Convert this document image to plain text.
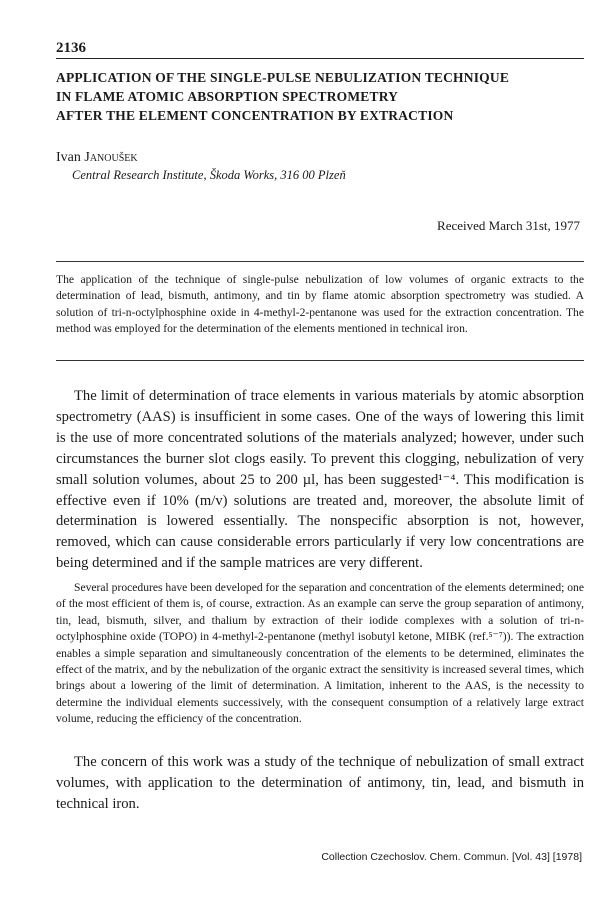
2136
APPLICATION OF THE SINGLE-PULSE NEBULIZATION TECHNIQUE
IN FLAME ATOMIC ABSORPTION SPECTROMETRY
AFTER THE ELEMENT CONCENTRATION BY EXTRACTION
Ivan Janoušek
Central Research Institute, Škoda Works, 316 00 Plzeň
Received March 31st, 1977
The application of the technique of single-pulse nebulization of low volumes of organic extracts to the determination of lead, bismuth, antimony, and tin by flame atomic absorption spectrometry was studied. A solution of tri-n-octylphosphine oxide in 4-methyl-2-pentanone was used for the extraction concentration. The method was employed for the determination of the elements mentioned in technical iron.

The limit of determination of trace elements in various materials by atomic absorption spectrometry (AAS) is insufficient in some cases. One of the ways of lowering this limit is the use of more concentrated solutions of the materials analyzed; however, under such circumstances the burner slot clogs easily. To prevent this clogging, nebulization of very small solution volumes, about 25 to 200 µl, has been suggested¹⁻⁴. This modification is effective even if 10% (m/v) solutions are treated and, moreover, the absolute limit of determination is lowered essentially. The nonspecific absorption is not, however, removed, which can cause considerable errors particularly if very low concentrations are being determined and if the sample matrices are very different.

Several procedures have been developed for the separation and concentration of the elements determined; one of the most efficient of them is, of course, extraction. As an example can serve the group separation of antimony, tin, lead, bismuth, silver, and thalium by extraction of their iodide complexes with a solution of tri-n-octylphosphine oxide (TOPO) in 4-methyl-2-pentanone (methyl isobutyl ketone, MIBK (ref.⁵⁻⁷)). The extraction enables a simple separation and simultaneously concentration of the elements to be determined, eliminates the effect of the matrix, and by the nebulization of the organic extract the sensitivity is increased several times, which brings about a lowering of the limit of determination. A limitation, inherent to the AAS, is the necessity to determine the individual elements successively, with the consequent consumption of a relatively large extract volume, reducing the efficiency of the concentration.

The concern of this work was a study of the technique of nebulization of small extract volumes, with application to the determination of antimony, tin, lead, and bismuth in technical iron.

Collection Czechoslov. Chem. Commun. [Vol. 43] [1978]
